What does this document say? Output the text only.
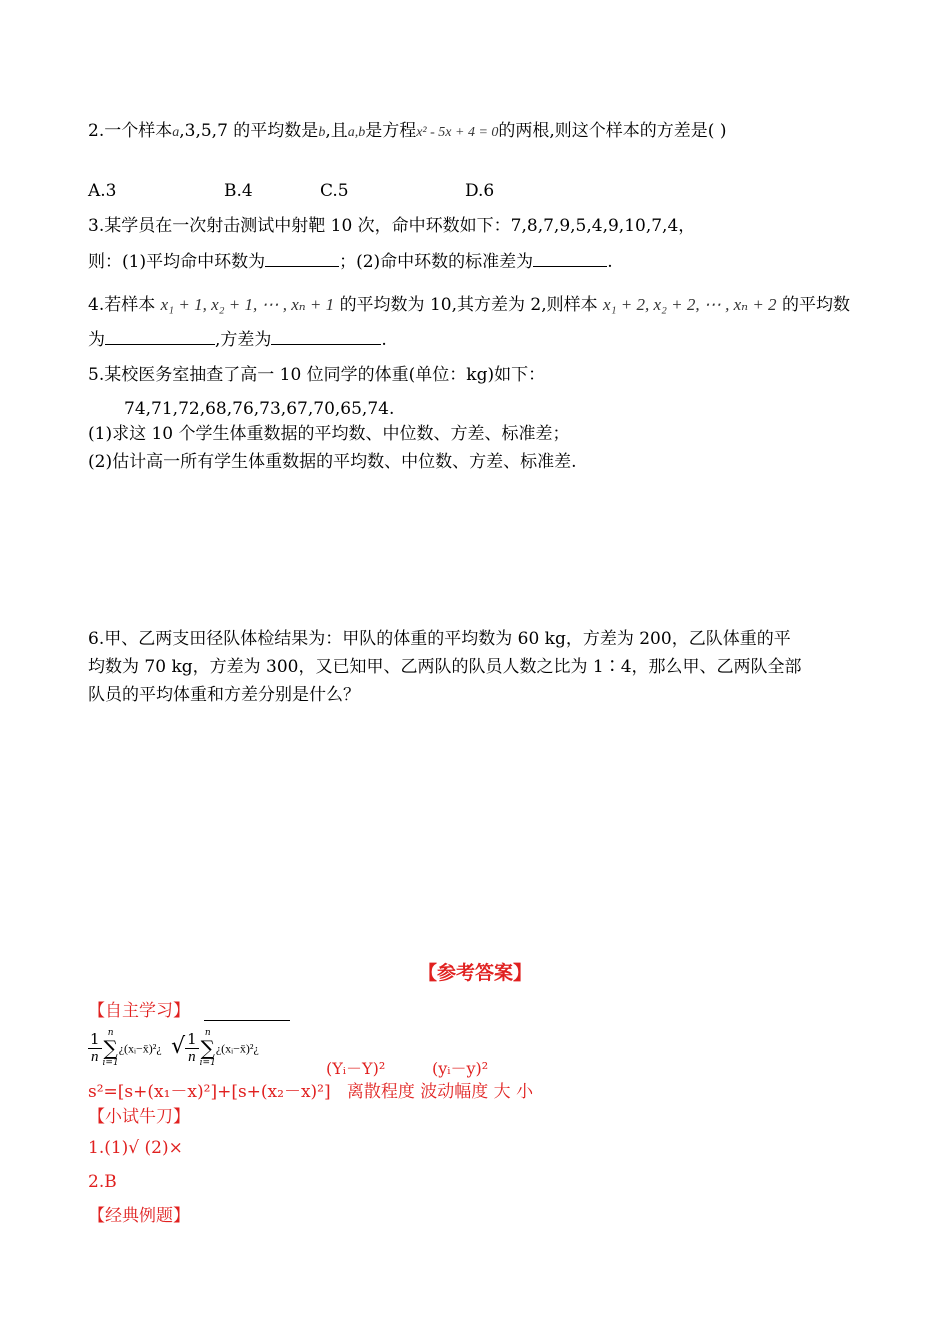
2.一个样本a,3,5,7 的平均数是b,且a,b是方程x² - 5x + 4 = 0的两根,则这个样本的方差是( )
A.3	B.4	C.5	D.6
3.某学员在一次射击测试中射靶 10 次，命中环数如下：7,8,7,9,5,4,9,10,7,4，
则：(1)平均命中环数为	；(2)命中环数的标准差为	.
4.若样本 x₁ + 1, x₂ + 1, ⋯ , xₙ + 1 的平均数为 10,其方差为 2,则样本 x₁ + 2, x₂ + 2, ⋯ , xₙ + 2 的平均数
为	,方差为	.
5.某校医务室抽查了高一 10 位同学的体重(单位：kg)如下：
74,71,72,68,76,73,67,70,65,74.
(1)求这 10 个学生体重数据的平均数、中位数、方差、标准差；
(2)估计高一所有学生体重数据的平均数、中位数、方差、标准差.
6.甲、乙两支田径队体检结果为：甲队的体重的平均数为 60 kg，方差为 200，乙队体重的平
均数为 70 kg，方差为 300，又已知甲、乙两队的队员人数之比为 1∶4，那么甲、乙两队全部
队员的平均体重和方差分别是什么？
【参考答案】
【自主学习】
$\frac{1}{n}$ n
∑
i=1
¿(xᵢ−x̄)²¿ √ $\frac{1}{n}$ n
∑
i=1
¿(xᵢ−x̄)²¿
(Yᵢ－Y)²	(yᵢ－y)²
s²=[s+(x₁－x)²]+[s+(x₂－x)²] 离散程度 波动幅度 大 小
【小试牛刀】
1.(1)√ (2)×
2.B
【经典例题】
